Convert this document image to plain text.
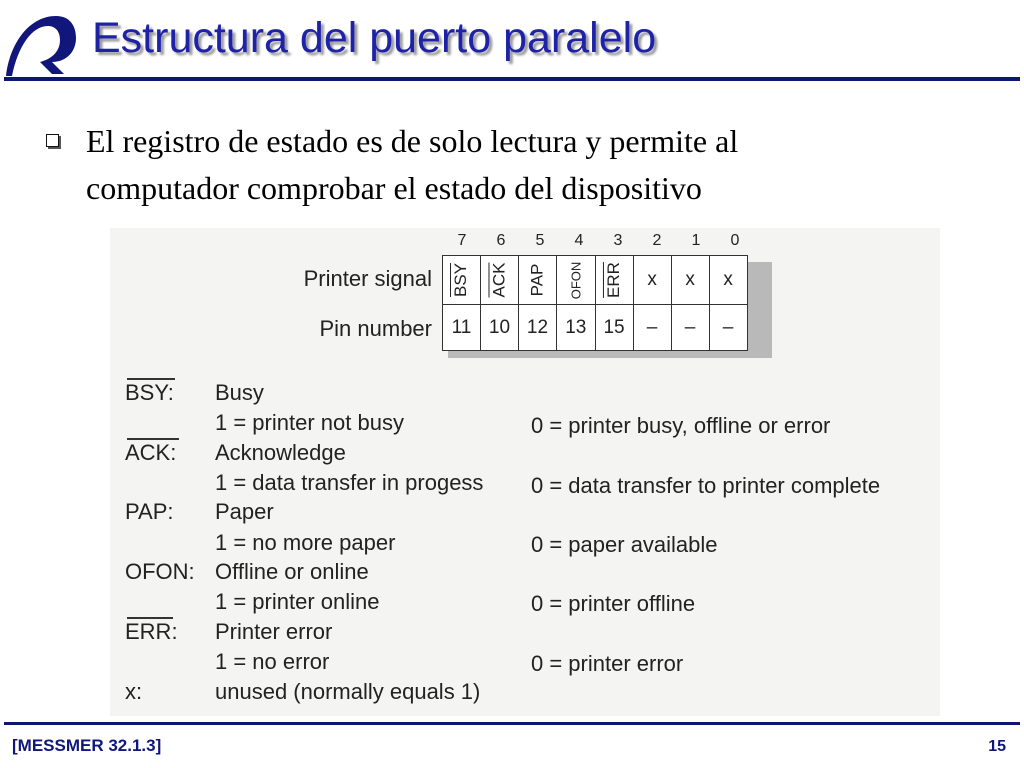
Estructura del puerto paralelo
El registro de estado es de solo lectura y permite al
computador comprobar el estado del dispositivo
7	6	5	4	3	2	1	0
Printer signal
Pin number
$\overline{BSY}$	$\overline{ACK}$	PAP	OFON	$\overline{ERR}$	x	x	x
11	10	12	13	15	–	–	–
BSY: Busy
1 = printer not busy	0 = printer busy, offline or error
ACK: Acknowledge
1 = data transfer in progess 0 = data transfer to printer complete
PAP: Paper
1 = no more paper	0 = paper available
OFON: Offline or online
1 = printer online	0 = printer offline
ERR: Printer error
1 = no error	0 = printer error
x:	unused (normally equals 1)
[MESSMER 32.1.3]	15
